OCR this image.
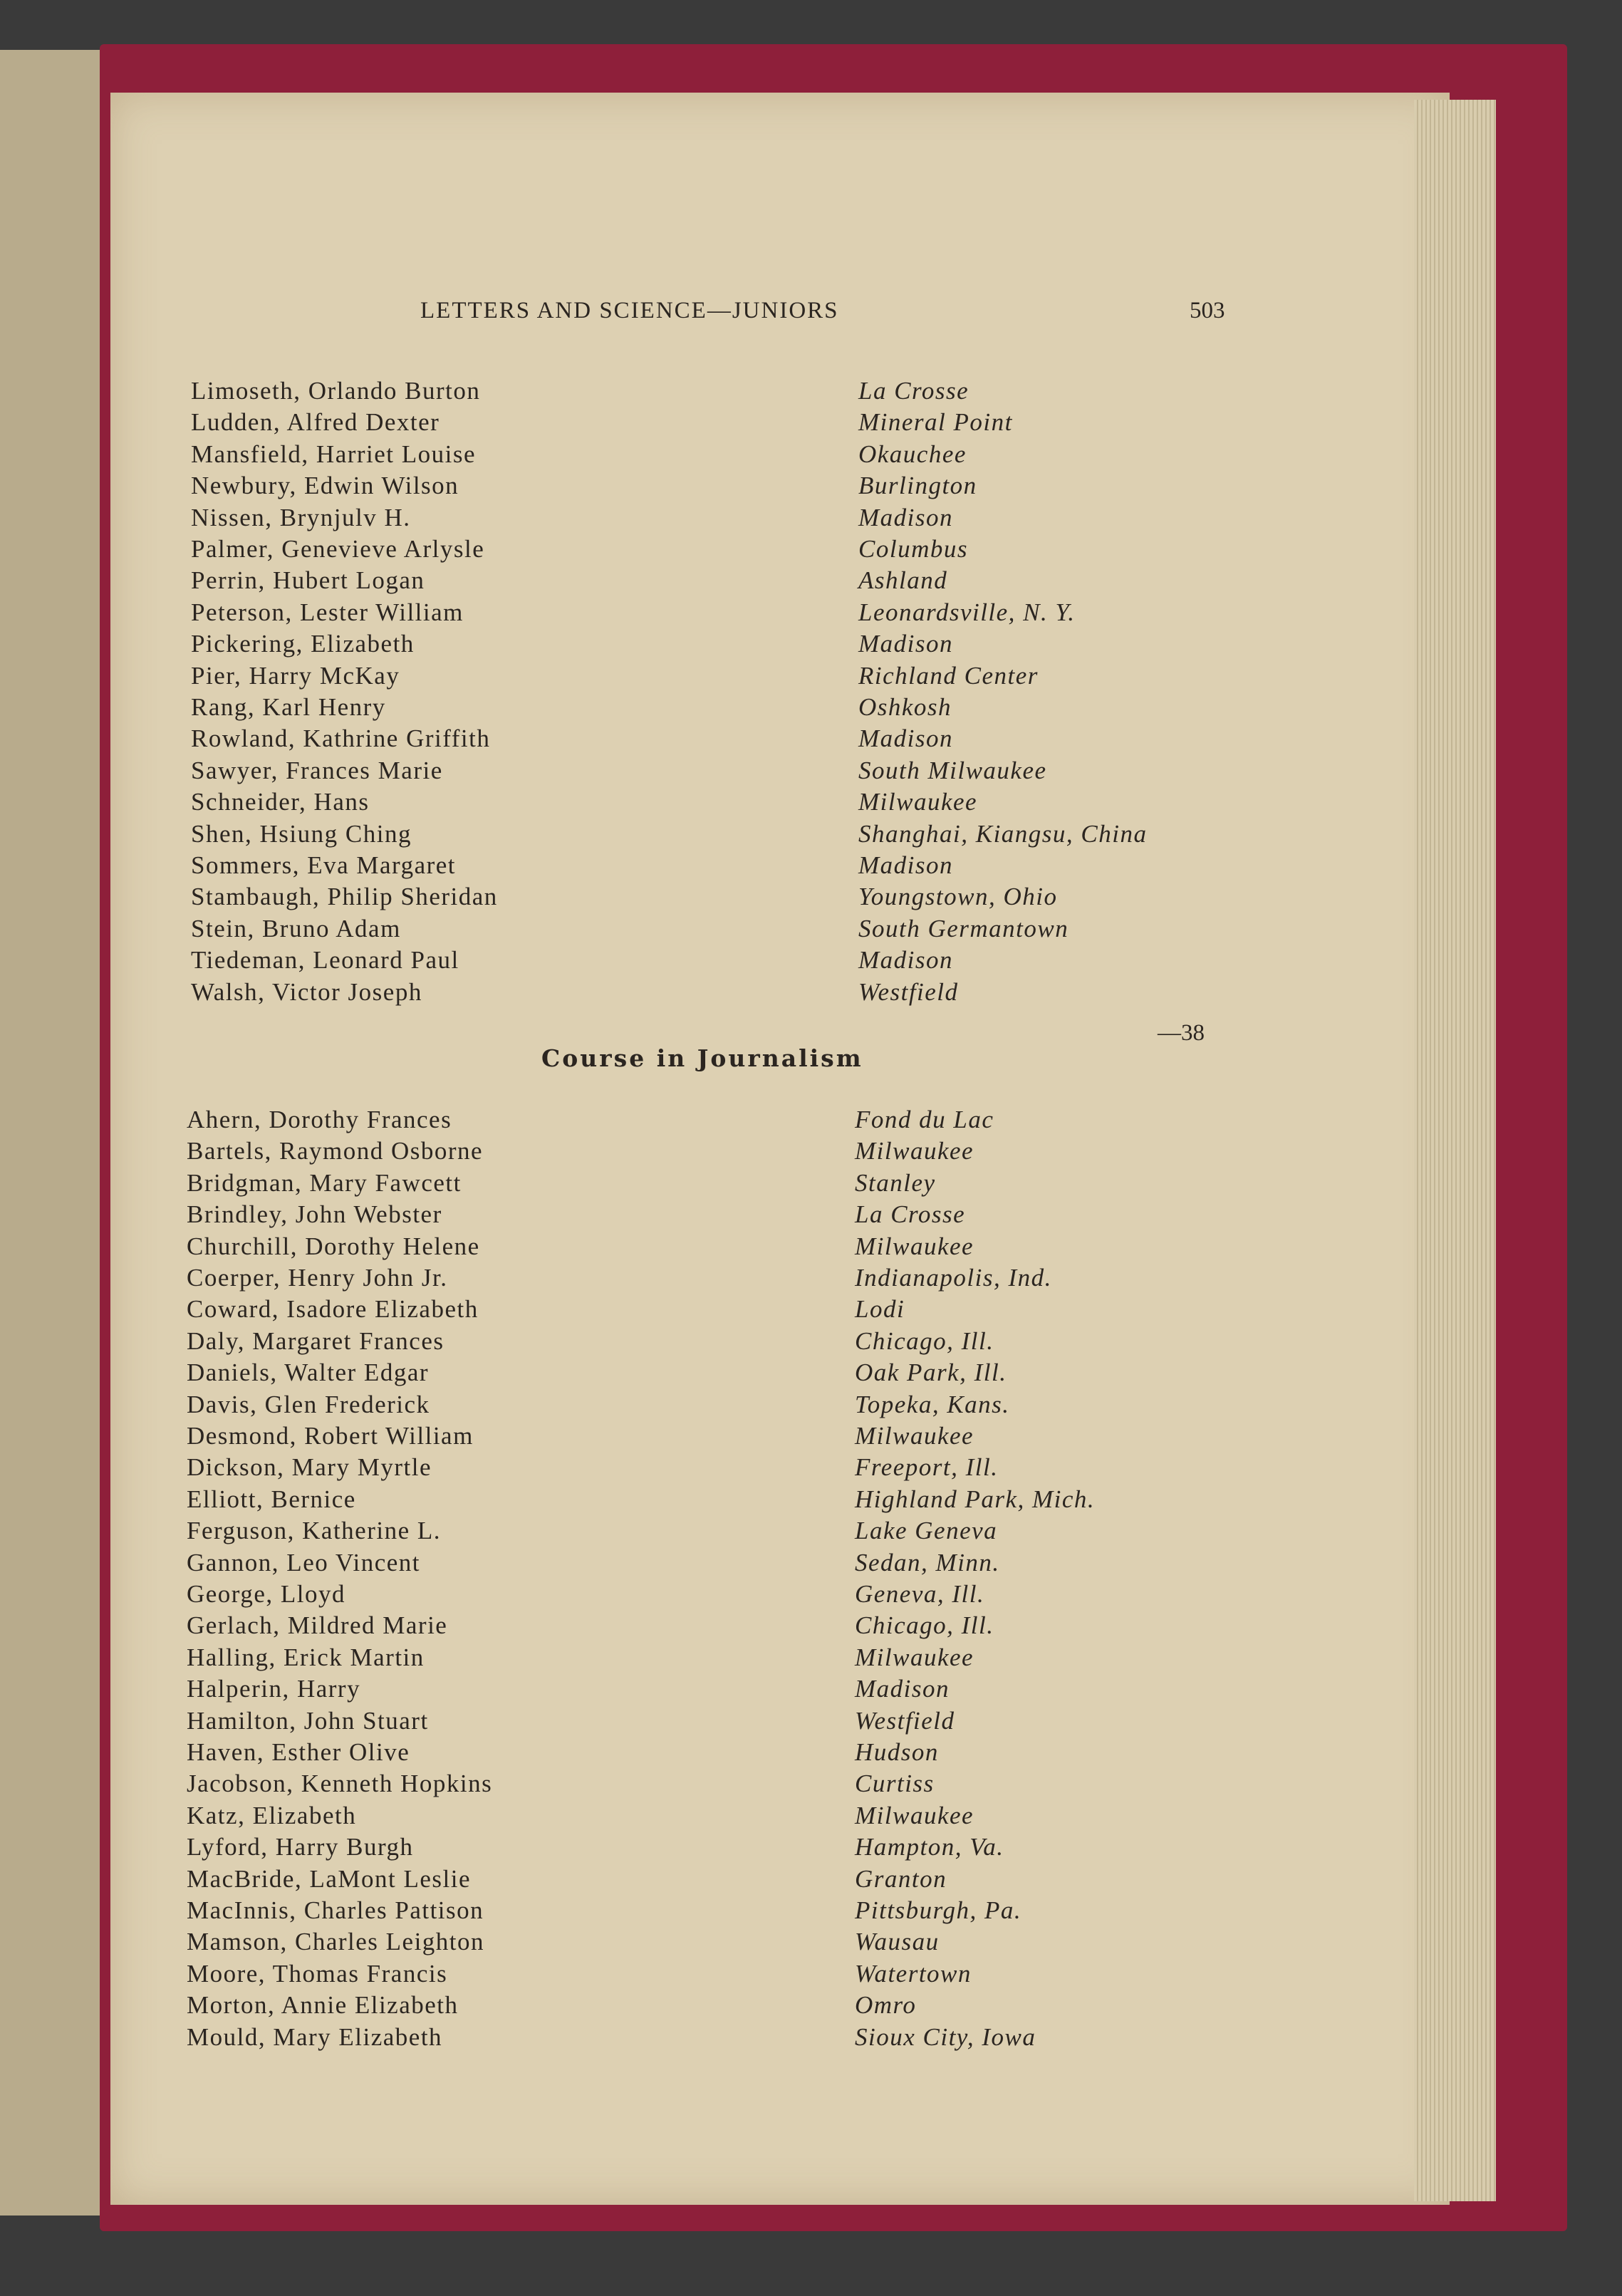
LETTERS AND SCIENCE—JUNIORS	503
Limoseth, Orlando Burton	La Crosse
Ludden, Alfred Dexter	Mineral Point
Mansfield, Harriet Louise	Okauchee
Newbury, Edwin Wilson	Burlington
Nissen, Brynjulv H.	Madison
Palmer, Genevieve Arlysle	Columbus
Perrin, Hubert Logan	Ashland
Peterson, Lester William	Leonardsville, N. Y.
Pickering, Elizabeth	Madison
Pier, Harry McKay	Richland Center
Rang, Karl Henry	Oshkosh
Rowland, Kathrine Griffith	Madison
Sawyer, Frances Marie	South Milwaukee
Schneider, Hans	Milwaukee
Shen, Hsiung Ching	Shanghai, Kiangsu, China
Sommers, Eva Margaret	Madison
Stambaugh, Philip Sheridan	Youngstown, Ohio
Stein, Bruno Adam	South Germantown
Tiedeman, Leonard Paul	Madison
Walsh, Victor Joseph	Westfield
—38
Course in Journalism
Ahern, Dorothy Frances	Fond du Lac
Bartels, Raymond Osborne	Milwaukee
Bridgman, Mary Fawcett	Stanley
Brindley, John Webster	La Crosse
Churchill, Dorothy Helene	Milwaukee
Coerper, Henry John Jr.	Indianapolis, Ind.
Coward, Isadore Elizabeth	Lodi
Daly, Margaret Frances	Chicago, Ill.
Daniels, Walter Edgar	Oak Park, Ill.
Davis, Glen Frederick	Topeka, Kans.
Desmond, Robert William	Milwaukee
Dickson, Mary Myrtle	Freeport, Ill.
Elliott, Bernice	Highland Park, Mich.
Ferguson, Katherine L.	Lake Geneva
Gannon, Leo Vincent	Sedan, Minn.
George, Lloyd	Geneva, Ill.
Gerlach, Mildred Marie	Chicago, Ill.
Halling, Erick Martin	Milwaukee
Halperin, Harry	Madison
Hamilton, John Stuart	Westfield
Haven, Esther Olive	Hudson
Jacobson, Kenneth Hopkins	Curtiss
Katz, Elizabeth	Milwaukee
Lyford, Harry Burgh	Hampton, Va.
MacBride, LaMont Leslie	Granton
MacInnis, Charles Pattison	Pittsburgh, Pa.
Mamson, Charles Leighton	Wausau
Moore, Thomas Francis	Watertown
Morton, Annie Elizabeth	Omro
Mould, Mary Elizabeth	Sioux City, Iowa
